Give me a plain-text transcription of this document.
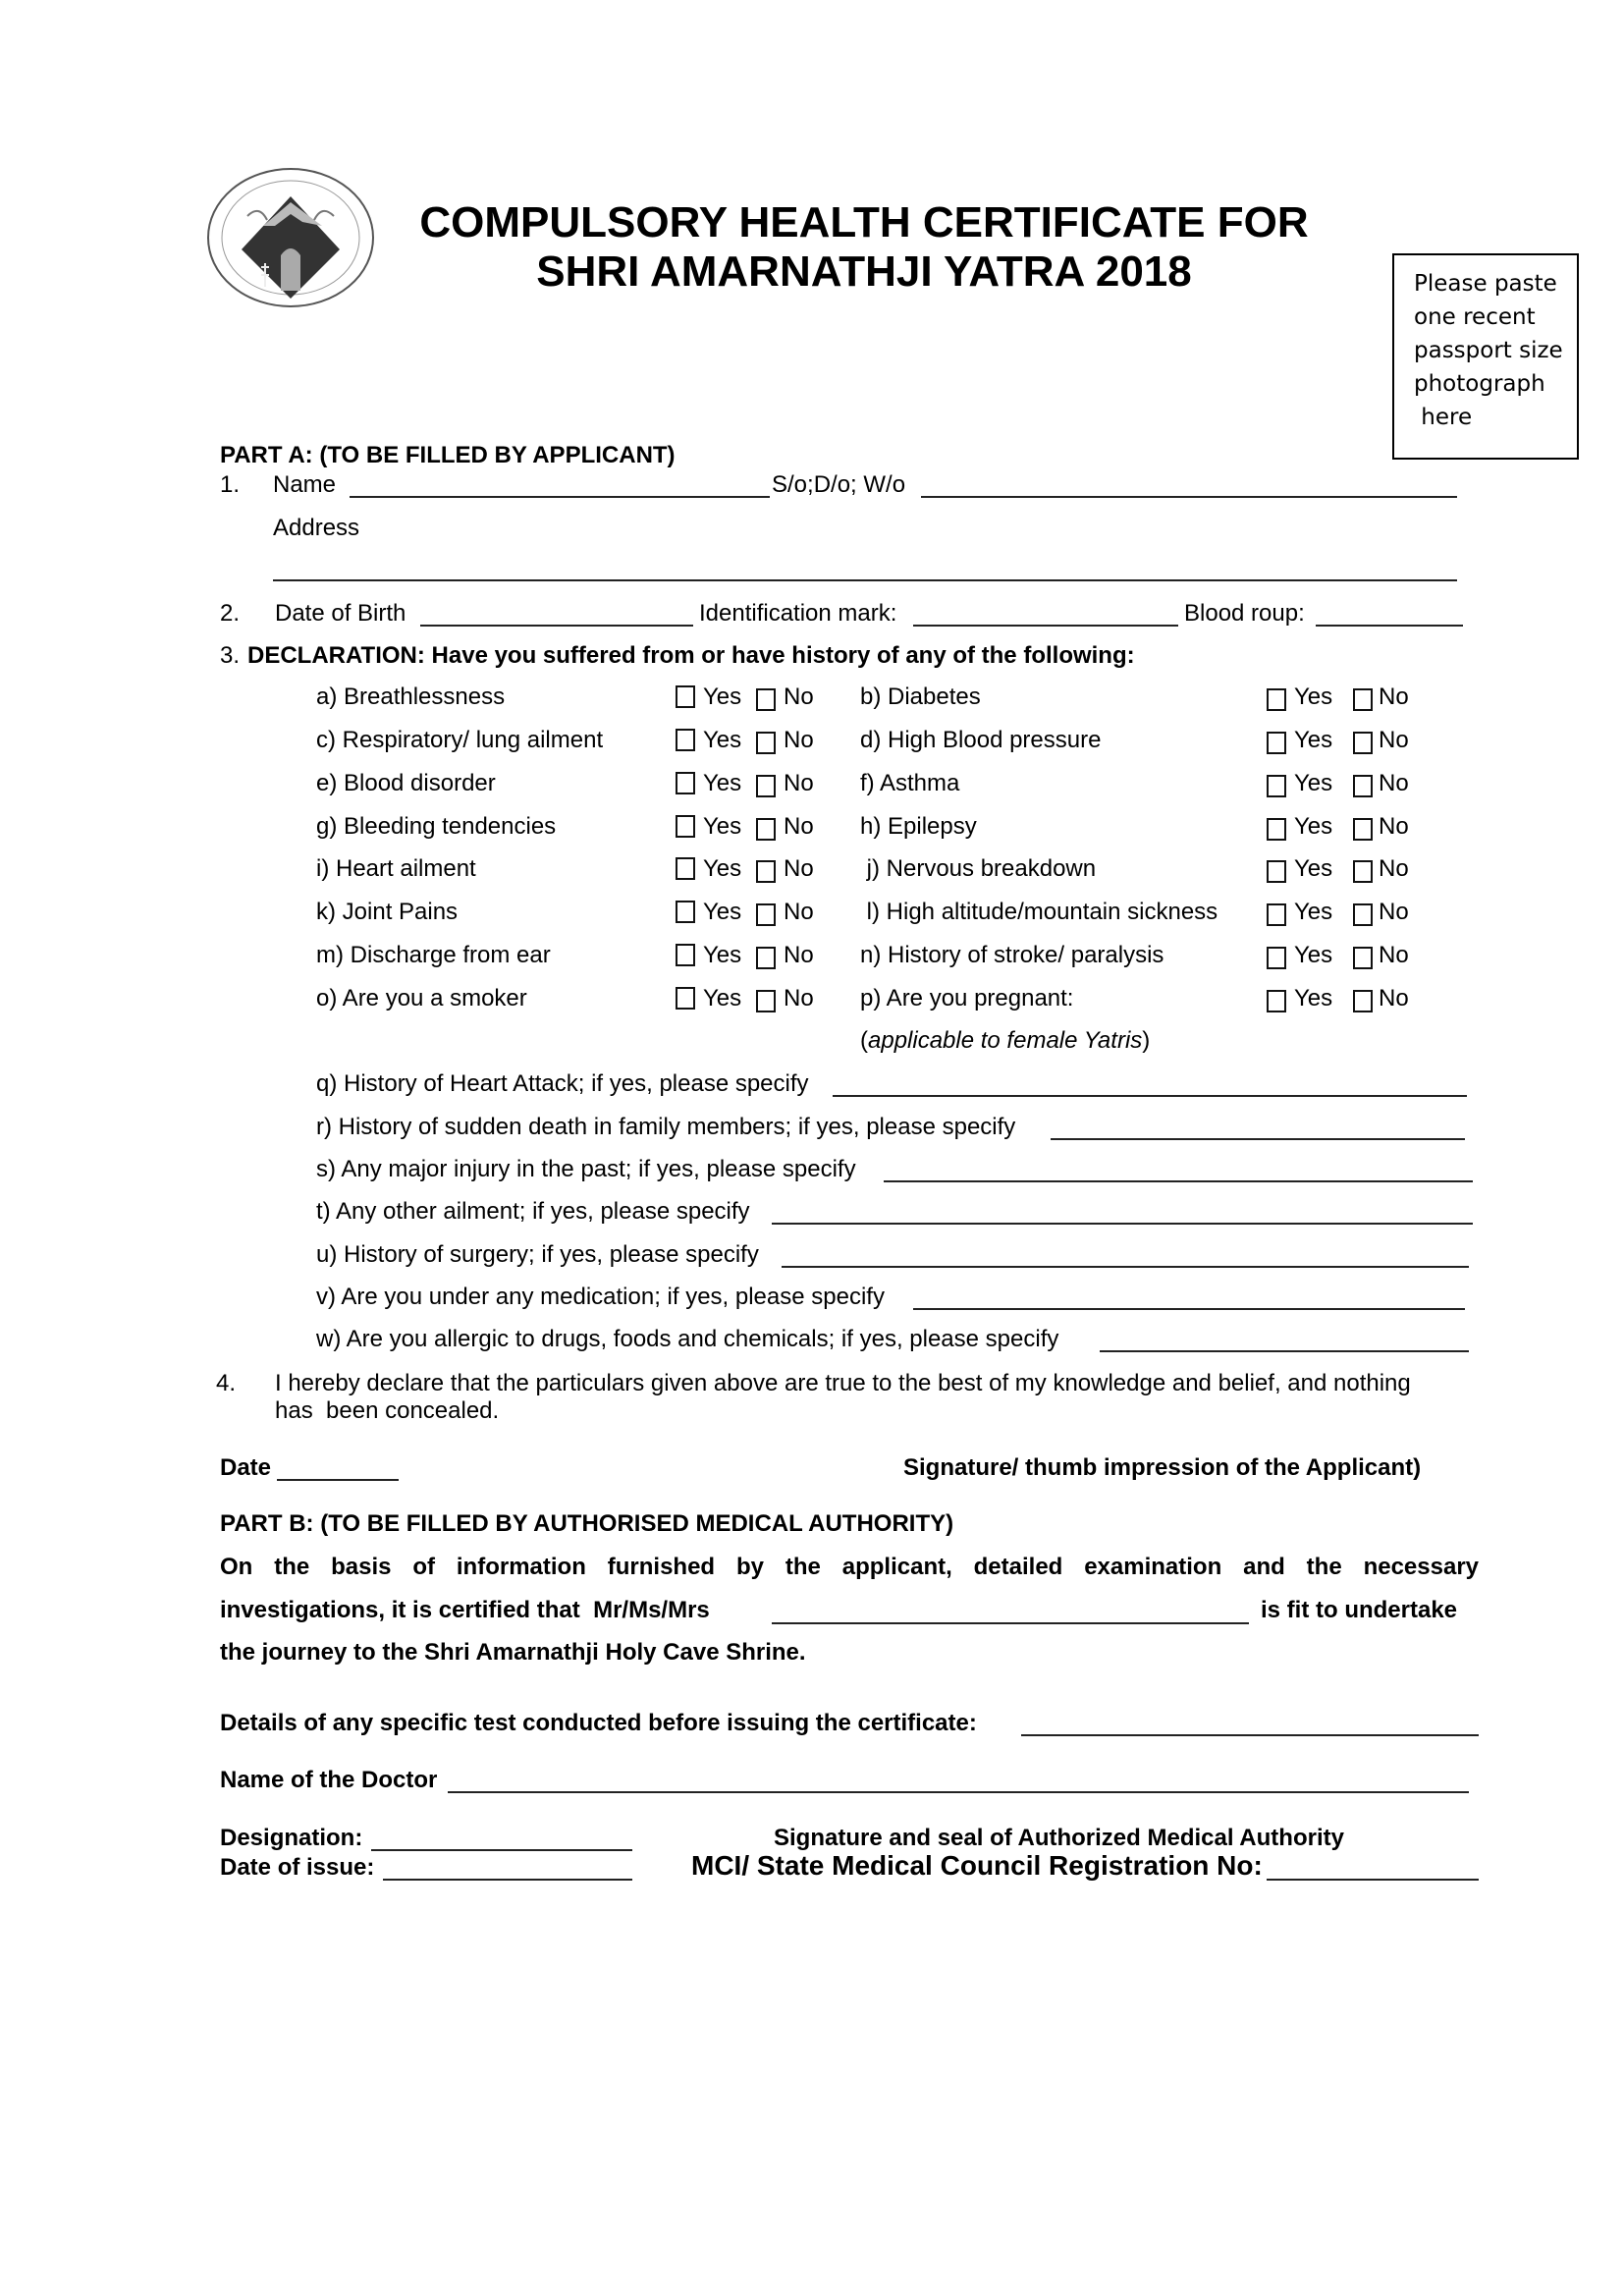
COMPULSORY HEALTH CERTIFICATE FOR
SHRI AMARNATHJI YATRA 2018	Please paste
one recent
passport size
photograph
here
PART A: (TO BE FILLED BY APPLICANT)
1. Name	S/o;D/o; W/o
Address
2. Date of Birth	Identification mark:	Blood roup:
3. DECLARATION: Have you suffered from or have history of any of the following:
a) Breathlessness	Yes No b) Diabetes	Yes No
c) Respiratory/ lung ailment	Yes No d) High Blood pressure	Yes No
e) Blood disorder	Yes No f) Asthma	Yes No
g) Bleeding tendencies	Yes No h) Epilepsy	Yes No
i) Heart ailment	Yes No j) Nervous breakdown	Yes No
k) Joint Pains	Yes No l) High altitude/mountain sickness	Yes No
m) Discharge from ear	Yes No n) History of stroke/ paralysis	Yes No
o) Are you a smoker	Yes No p) Are you pregnant:	Yes No
(applicable to female Yatris)
q) History of Heart Attack; if yes, please specify
r) History of sudden death in family members; if yes, please specify
s) Any major injury in the past; if yes, please specify
t) Any other ailment; if yes, please specify
u) History of surgery; if yes, please specify
v) Are you under any medication; if yes, please specify
w) Are you allergic to drugs, foods and chemicals; if yes, please specify
4. I hereby declare that the particulars given above are true to the best of my knowledge and belief, and nothing
has  been concealed.
Date	Signature/ thumb impression of the Applicant)
PART B: (TO BE FILLED BY AUTHORISED MEDICAL AUTHORITY)
On the basis of information furnished by the applicant, detailed examination and the necessary
investigations, it is certified that  Mr/Ms/Mrs	is fit to undertake
the journey to the Shri Amarnathji Holy Cave Shrine.
Details of any specific test conducted before issuing the certificate:
Name of the Doctor
Designation:	Signature and seal of Authorized Medical Authority
Date of issue:	MCI/ State Medical Council Registration No:
